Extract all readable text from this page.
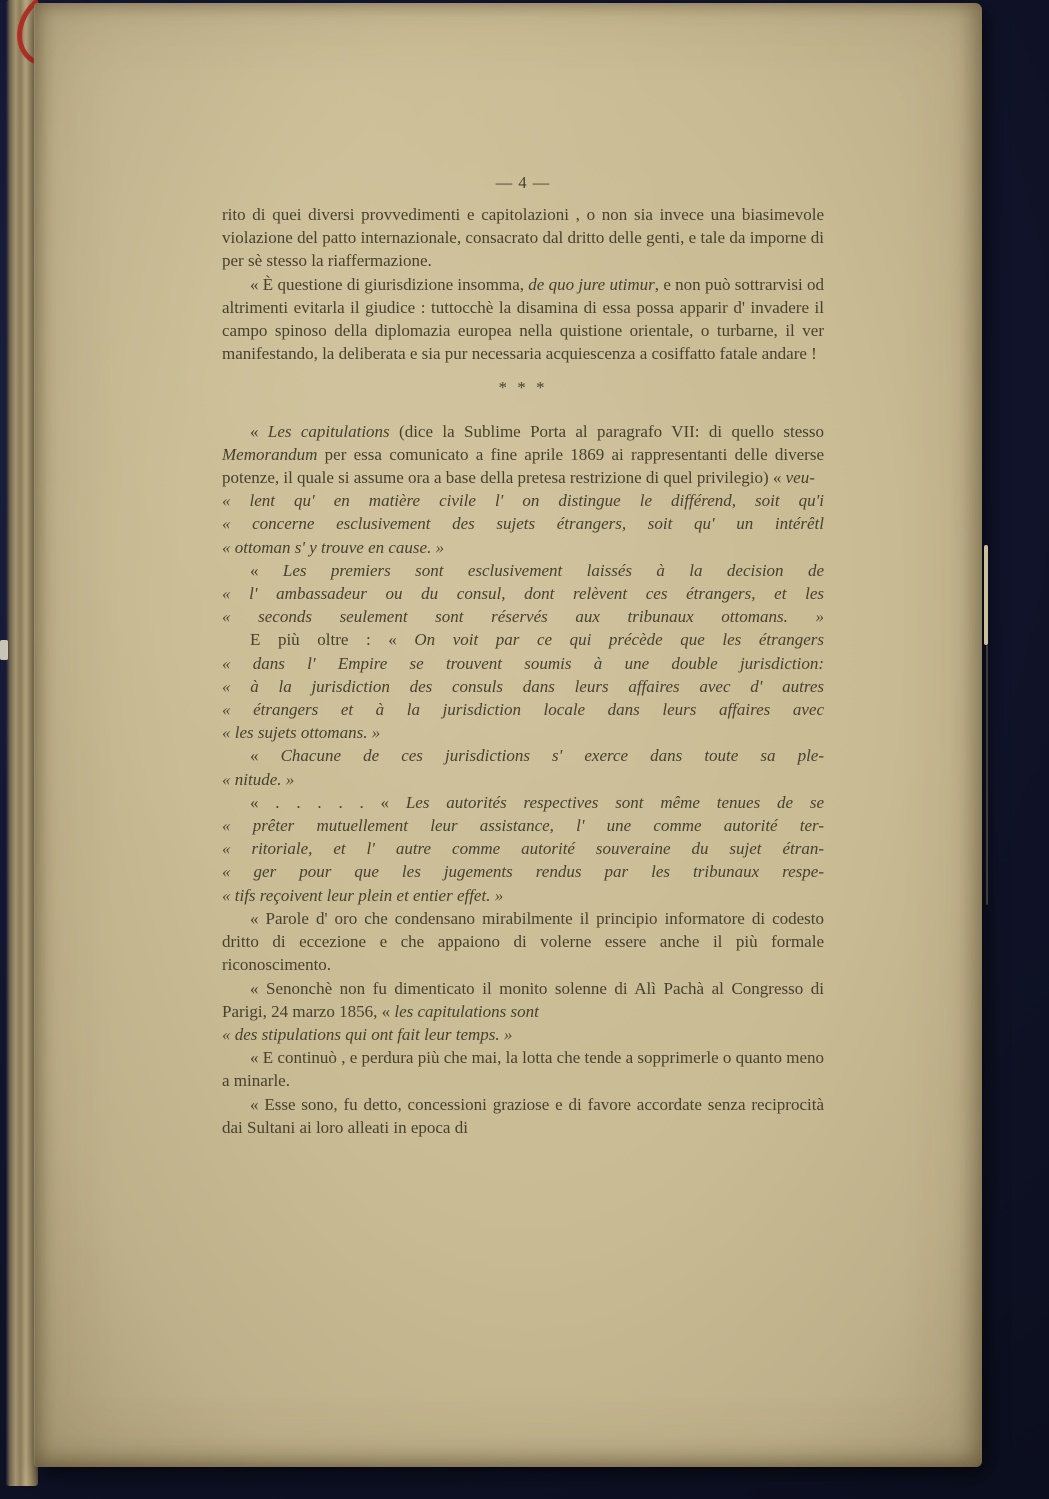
— 4 —
rito di quei diversi provvedimenti e capitolazioni , o non sia invece una biasimevole violazione del patto internazionale, consacrato dal dritto delle genti, e tale da imporne di per sè stesso la riaffermazione.
« È questione di giurisdizione insomma, de quo jure utimur, e non può sottrarvisi od altrimenti evitarla il giudice : tuttocchè la disamina di essa possa apparir d' invadere il campo spinoso della diplomazia europea nella quistione orientale, o turbarne, il ver manifestando, la deliberata e sia pur necessaria acquiescenza a cosiffatto fatale andare !
* * *
« Les capitulations (dice la Sublime Porta al paragrafo VII: di quello stesso Memorandum per essa comunicato a fine aprile 1869 ai rappresentanti delle diverse potenze, il quale si assume ora a base della pretesa restrizione di quel privilegio) « veu-
« lent qu' en matière civile l' on distingue le différend, soit qu'i
« concerne esclusivement des sujets étrangers, soit qu' un intérêtl
« ottoman s' y trouve en cause. »
« Les premiers sont esclusivement laissés à la decision de
« l' ambassadeur ou du consul, dont relèvent ces étrangers, et les
« seconds seulement sont réservés aux tribunaux ottomans. »
E più oltre : « On voit par ce qui précède que les étrangers
« dans l' Empire se trouvent soumis à une double jurisdiction:
« à la jurisdiction des consuls dans leurs affaires avec d' autres
« étrangers et à la jurisdiction locale dans leurs affaires avec
« les sujets ottomans. »
« Chacune de ces jurisdictions s' exerce dans toute sa ple-
« nitude. »
« . . . . . « Les autorités respectives sont même tenues de se
« prêter mutuellement leur assistance, l' une comme autorité ter-
« ritoriale, et l' autre comme autorité souveraine du sujet étran-
« ger pour que les jugements rendus par les tribunaux respe-
« tifs reçoivent leur plein et entier effet. »
« Parole d' oro che condensano mirabilmente il principio informatore di codesto dritto di eccezione e che appaiono di volerne essere anche il più formale riconoscimento.
« Senonchè non fu dimenticato il monito solenne di Alì Pachà al Congresso di Parigi, 24 marzo 1856, « les capitulations sont
« des stipulations qui ont fait leur temps. »
« E continuò , e perdura più che mai, la lotta che tende a sopprimerle o quanto meno a minarle.
« Esse sono, fu detto, concessioni graziose e di favore accordate senza reciprocità dai Sultani ai loro alleati in epoca di
